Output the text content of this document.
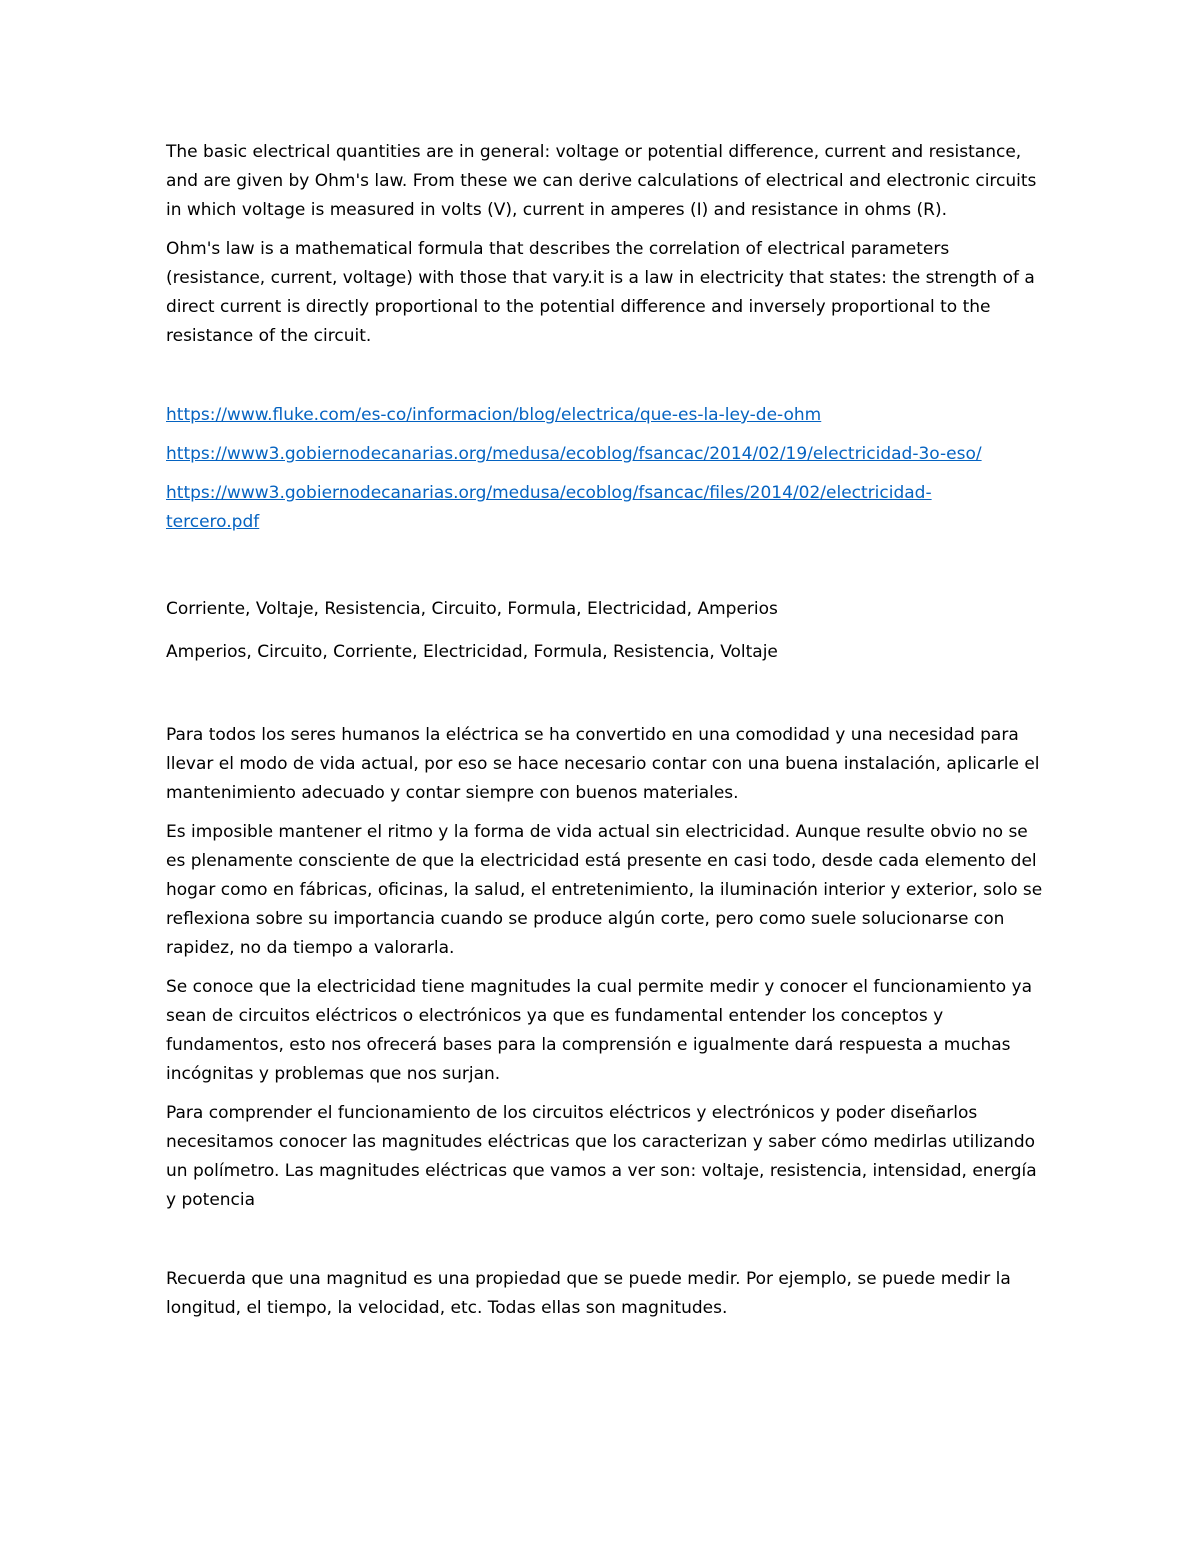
The basic electrical quantities are in general: voltage or potential difference, current and resistance, and are given by Ohm's law. From these we can derive calculations of electrical and electronic circuits in which voltage is measured in volts (V), current in amperes (I) and resistance in ohms (R).

Ohm's law is a mathematical formula that describes the correlation of electrical parameters (resistance, current, voltage) with those that vary.it is a law in electricity that states: the strength of a direct current is directly proportional to the potential difference and inversely proportional to the resistance of the circuit.

https://www.fluke.com/es-co/informacion/blog/electrica/que-es-la-ley-de-ohm
https://www3.gobiernodecanarias.org/medusa/ecoblog/fsancac/2014/02/19/electricidad-3o-eso/
https://www3.gobiernodecanarias.org/medusa/ecoblog/fsancac/files/2014/02/electricidad-
tercero.pdf

Corriente, Voltaje, Resistencia, Circuito, Formula, Electricidad, Amperios

Amperios, Circuito, Corriente, Electricidad, Formula, Resistencia, Voltaje

Para todos los seres humanos la eléctrica se ha convertido en una comodidad y una necesidad para llevar el modo de vida actual, por eso se hace necesario contar con una buena instalación, aplicarle el mantenimiento adecuado y contar siempre con buenos materiales.

Es imposible mantener el ritmo y la forma de vida actual sin electricidad. Aunque resulte obvio no se es plenamente consciente de que la electricidad está presente en casi todo, desde cada elemento del hogar como en fábricas, oficinas, la salud, el entretenimiento, la iluminación interior y exterior, solo se reflexiona sobre su importancia cuando se produce algún corte, pero como suele solucionarse con rapidez, no da tiempo a valorarla.

Se conoce que la electricidad tiene magnitudes la cual permite medir y conocer el funcionamiento ya sean de circuitos eléctricos o electrónicos ya que es fundamental entender los conceptos y fundamentos, esto nos ofrecerá bases para la comprensión e igualmente dará respuesta a muchas incógnitas y problemas que nos surjan.

Para comprender el funcionamiento de los circuitos eléctricos y electrónicos y poder diseñarlos necesitamos conocer las magnitudes eléctricas que los caracterizan y saber cómo medirlas utilizando un polímetro. Las magnitudes eléctricas que vamos a ver son: voltaje, resistencia, intensidad, energía y potencia

Recuerda que una magnitud es una propiedad que se puede medir. Por ejemplo, se puede medir la longitud, el tiempo, la velocidad, etc. Todas ellas son magnitudes.
